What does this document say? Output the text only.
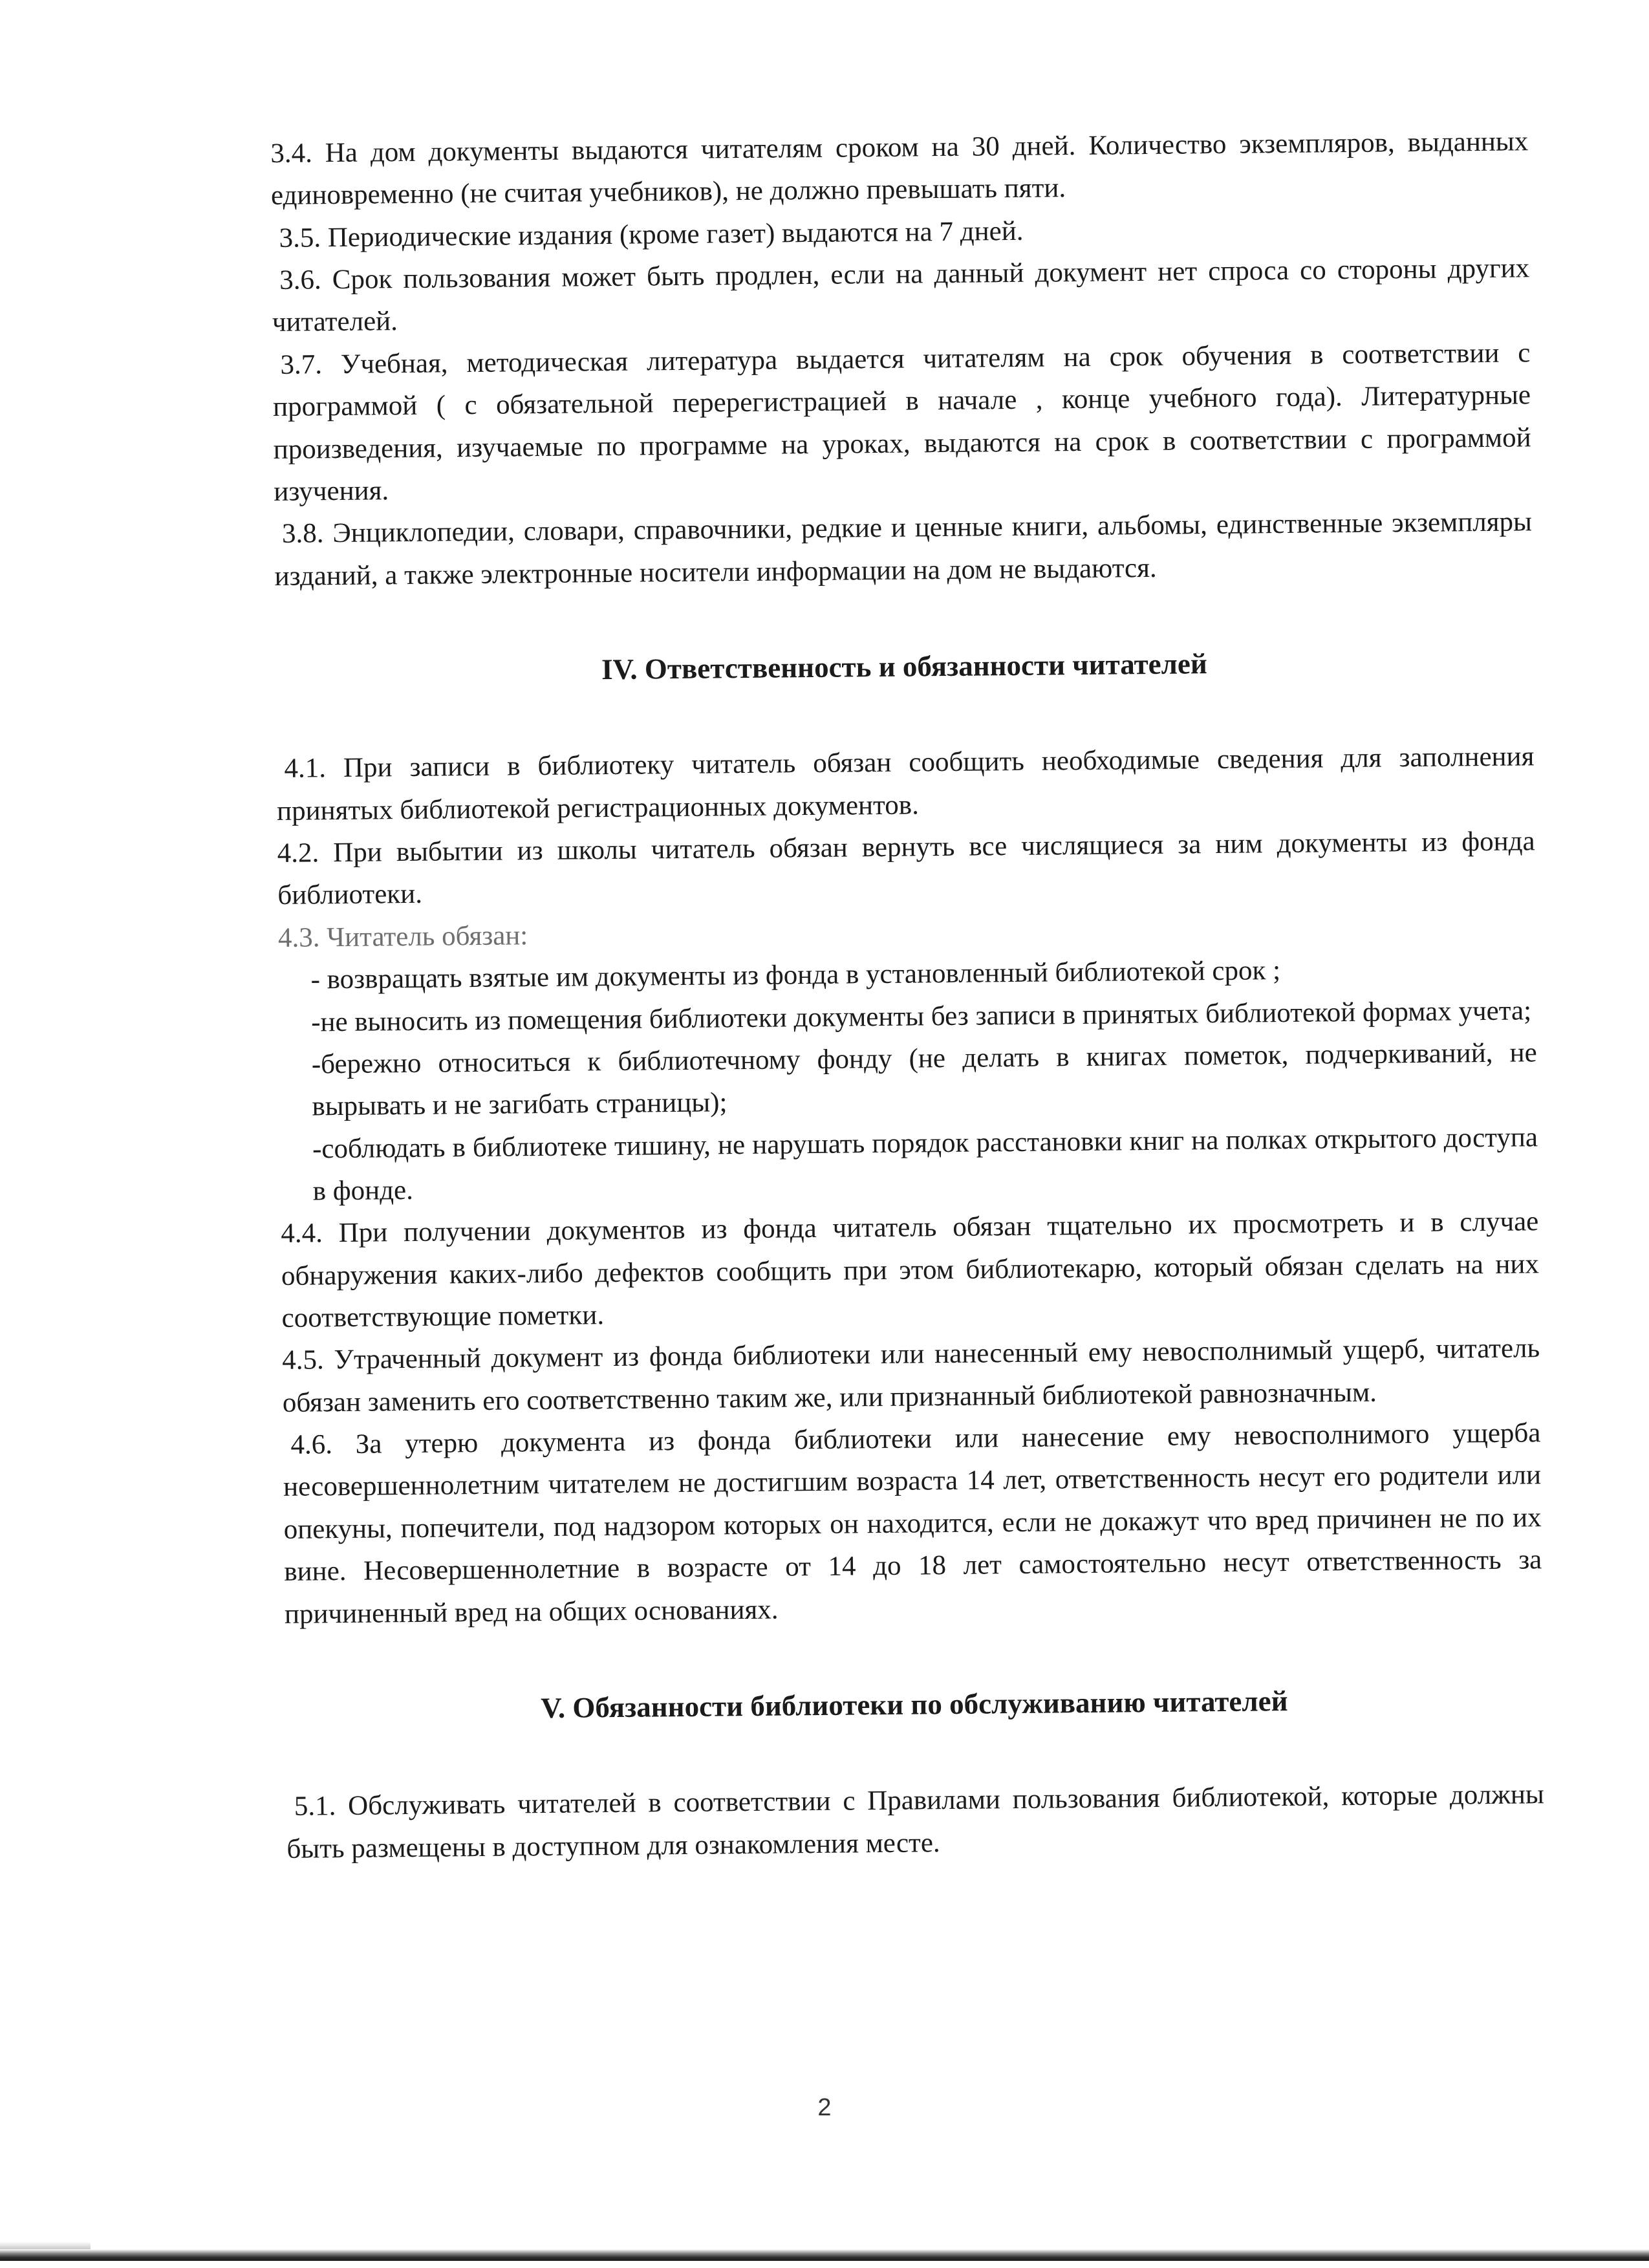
3.4. На дом документы выдаются читателям сроком на 30 дней. Количество экземпляров, выданных единовременно (не считая учебников), не должно превышать пяти.

3.5. Периодические издания (кроме газет) выдаются на 7 дней.

3.6. Срок пользования может быть продлен, если на данный документ нет спроса со стороны других читателей.

3.7. Учебная, методическая литература выдается читателям на срок обучения в соответствии с программой ( с обязательной перерегистрацией в начале , конце учебного года). Литературные произведения, изучаемые по программе на уроках, выдаются на срок в соответствии с программой изучения.

3.8. Энциклопедии, словари, справочники, редкие и ценные книги, альбомы, единственные экземпляры изданий, а также электронные носители информации на дом не выдаются.

IV. Ответственность и обязанности читателей

4.1. При записи в библиотеку читатель обязан сообщить необходимые сведения для заполнения принятых библиотекой регистрационных документов.

4.2. При выбытии из школы читатель обязан вернуть все числящиеся за ним документы из фонда библиотеки.

4.3. Читатель обязан:

- возвращать взятые им документы из фонда в установленный библиотекой срок ;

-не выносить из помещения библиотеки документы без записи в принятых библиотекой формах учета;

-бережно относиться к библиотечному фонду (не делать в книгах пометок, подчеркиваний, не вырывать и не загибать страницы);

-соблюдать в библиотеке тишину, не нарушать порядок расстановки книг на полках открытого доступа в фонде.

4.4. При получении документов из фонда читатель обязан тщательно их просмотреть и в случае обнаружения каких-либо дефектов сообщить при этом библиотекарю, который обязан сделать на них соответствующие пометки.

4.5. Утраченный документ из фонда библиотеки или нанесенный ему невосполнимый ущерб, читатель обязан заменить его соответственно таким же, или признанный библиотекой равнозначным.

4.6. За утерю документа из фонда библиотеки или нанесение ему невосполнимого ущерба несовершеннолетним читателем не достигшим возраста 14 лет, ответственность несут его родители или опекуны, попечители, под надзором которых он находится, если не докажут что вред причинен не по их вине. Несовершеннолетние в возрасте от 14 до 18 лет самостоятельно несут ответственность за причиненный вред на общих основаниях.

V. Обязанности библиотеки по обслуживанию читателей

5.1. Обслуживать читателей в соответствии с Правилами пользования библиотекой, которые должны быть размещены в доступном для ознакомления месте.

2
